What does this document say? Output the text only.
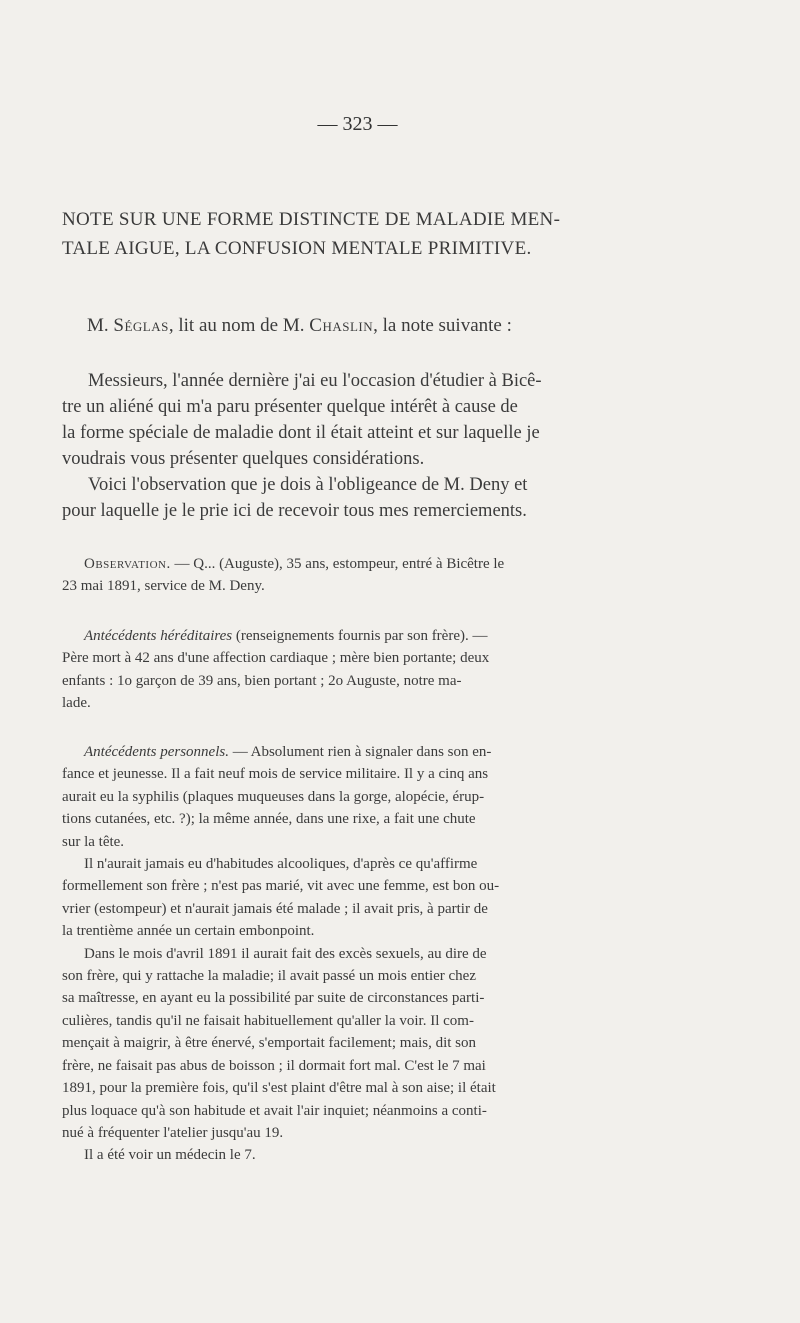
— 323 —
NOTE SUR UNE FORME DISTINCTE DE MALADIE MEN-
TALE AIGUE, LA CONFUSION MENTALE PRIMITIVE.
M. Séglas, lit au nom de M. Chaslin, la note suivante :
Messieurs, l'année dernière j'ai eu l'occasion d'étudier à Bicê-
tre un aliéné qui m'a paru présenter quelque intérêt à cause de
la forme spéciale de maladie dont il était atteint et sur laquelle je
voudrais vous présenter quelques considérations.
Voici l'observation que je dois à l'obligeance de M. Deny et
pour laquelle je le prie ici de recevoir tous mes remerciements.
Observation. — Q... (Auguste), 35 ans, estompeur, entré à Bicêtre le
23 mai 1891, service de M. Deny.
Antécédents héréditaires (renseignements fournis par son frère). —
Père mort à 42 ans d'une affection cardiaque ; mère bien portante; deux
enfants : 1o garçon de 39 ans, bien portant ; 2o Auguste, notre ma-
lade.
Antécédents personnels. — Absolument rien à signaler dans son en-
fance et jeunesse. Il a fait neuf mois de service militaire. Il y a cinq ans
aurait eu la syphilis (plaques muqueuses dans la gorge, alopécie, érup-
tions cutanées, etc. ?); la même année, dans une rixe, a fait une chute
sur la tête.
Il n'aurait jamais eu d'habitudes alcooliques, d'après ce qu'affirme
formellement son frère ; n'est pas marié, vit avec une femme, est bon ou-
vrier (estompeur) et n'aurait jamais été malade ; il avait pris, à partir de
la trentième année un certain embonpoint.
Dans le mois d'avril 1891 il aurait fait des excès sexuels, au dire de
son frère, qui y rattache la maladie; il avait passé un mois entier chez
sa maîtresse, en ayant eu la possibilité par suite de circonstances parti-
culières, tandis qu'il ne faisait habituellement qu'aller la voir. Il com-
mençait à maigrir, à être énervé, s'emportait facilement; mais, dit son
frère, ne faisait pas abus de boisson ; il dormait fort mal. C'est le 7 mai
1891, pour la première fois, qu'il s'est plaint d'être mal à son aise; il était
plus loquace qu'à son habitude et avait l'air inquiet; néanmoins a conti-
nué à fréquenter l'atelier jusqu'au 19.
Il a été voir un médecin le 7.
